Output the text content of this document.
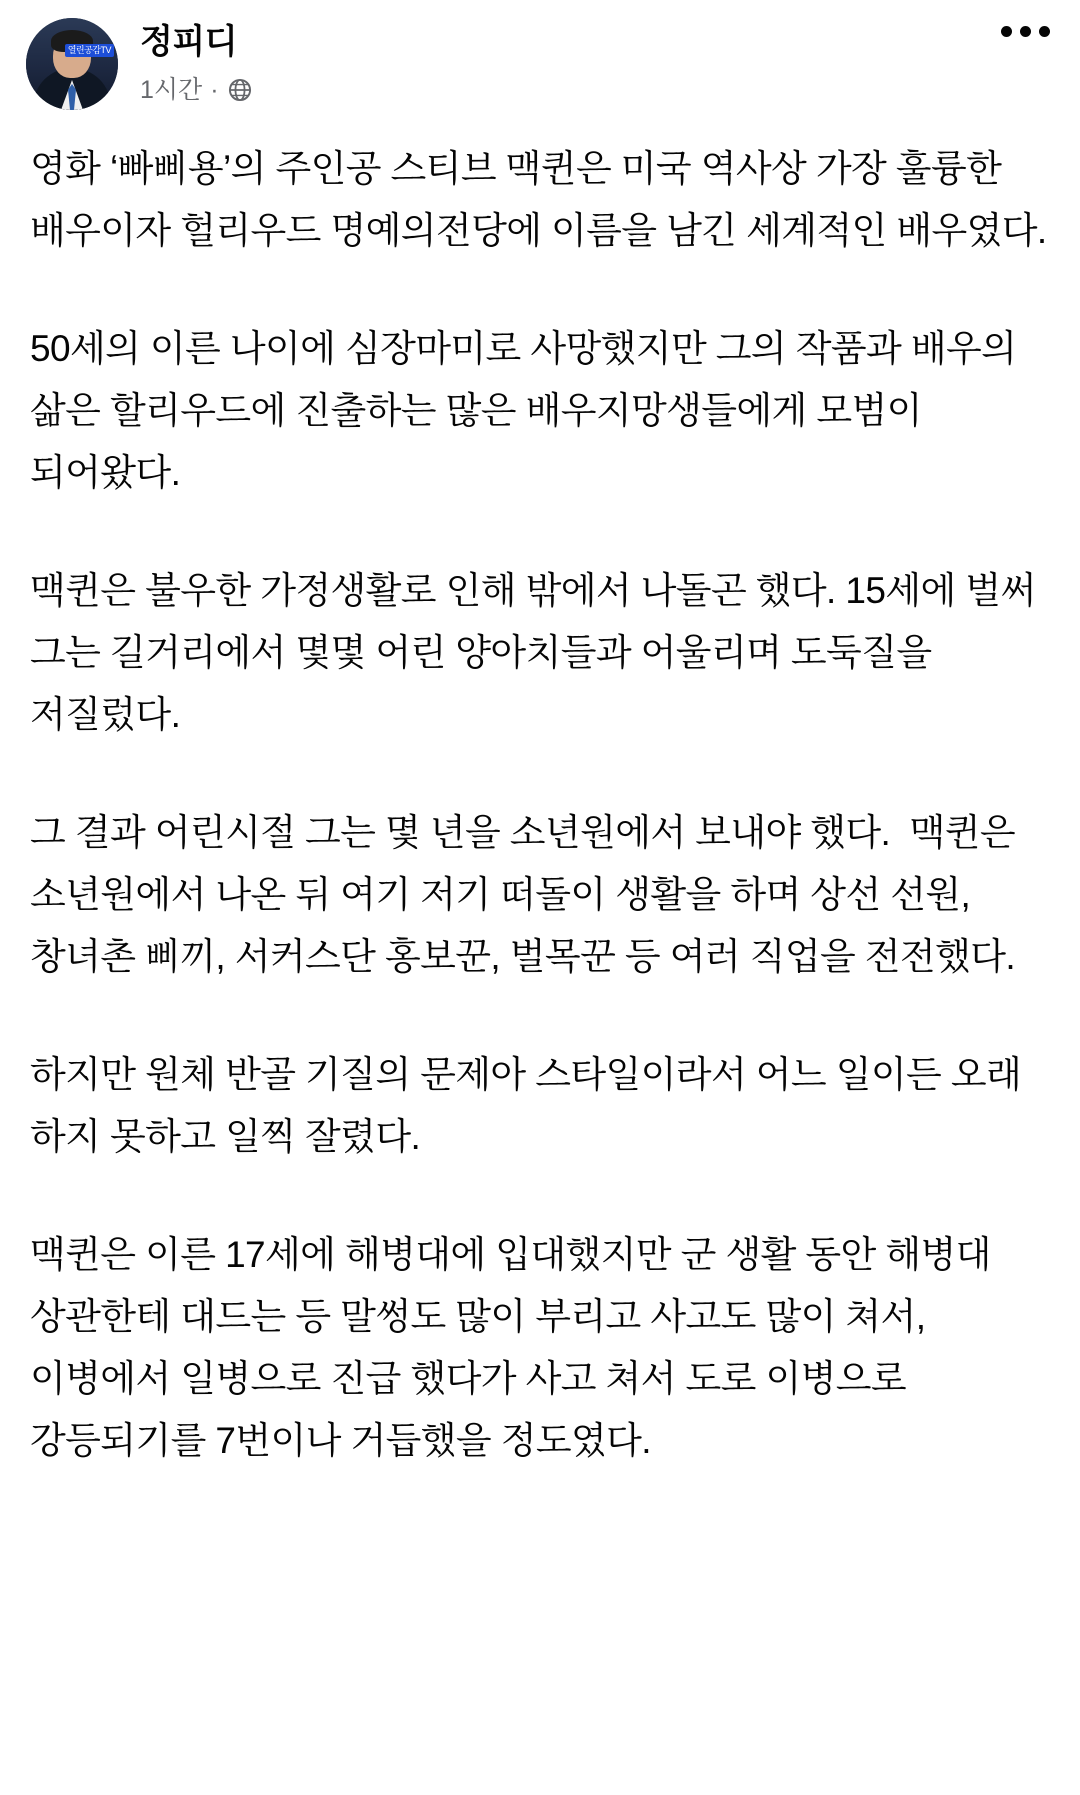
열린공감TV 정피디
1시간 ·

영화 ‘빠삐용’의 주인공 스티브 맥퀸은 미국 역사상 가장 훌륭한 배우이자 헐리우드 명예의전당에 이름을 남긴 세계적인 배우였다.

50세의 이른 나이에 심장마미로 사망했지만 그의 작품과 배우의 삶은 할리우드에 진출하는 많은 배우지망생들에게 모범이 되어왔다.

맥퀸은 불우한 가정생활로 인해 밖에서 나돌곤 했다. 15세에 벌써 그는 길거리에서 몇몇 어린 양아치들과 어울리며 도둑질을 저질렀다.

그 결과 어린시절 그는 몇 년을 소년원에서 보내야 했다.  맥퀸은 소년원에서 나온 뒤 여기 저기 떠돌이 생활을 하며 상선 선원, 창녀촌 삐끼, 서커스단 홍보꾼, 벌목꾼 등 여러 직업을 전전했다.

하지만 원체 반골 기질의 문제아 스타일이라서 어느 일이든 오래 하지 못하고 일찍 잘렸다.

맥퀸은 이른 17세에 해병대에 입대했지만 군 생활 동안 해병대 상관한테 대드는 등 말썽도 많이 부리고 사고도 많이 쳐서, 이병에서 일병으로 진급 했다가 사고 쳐서 도로 이병으로 강등되기를 7번이나 거듭했을 정도였다.
